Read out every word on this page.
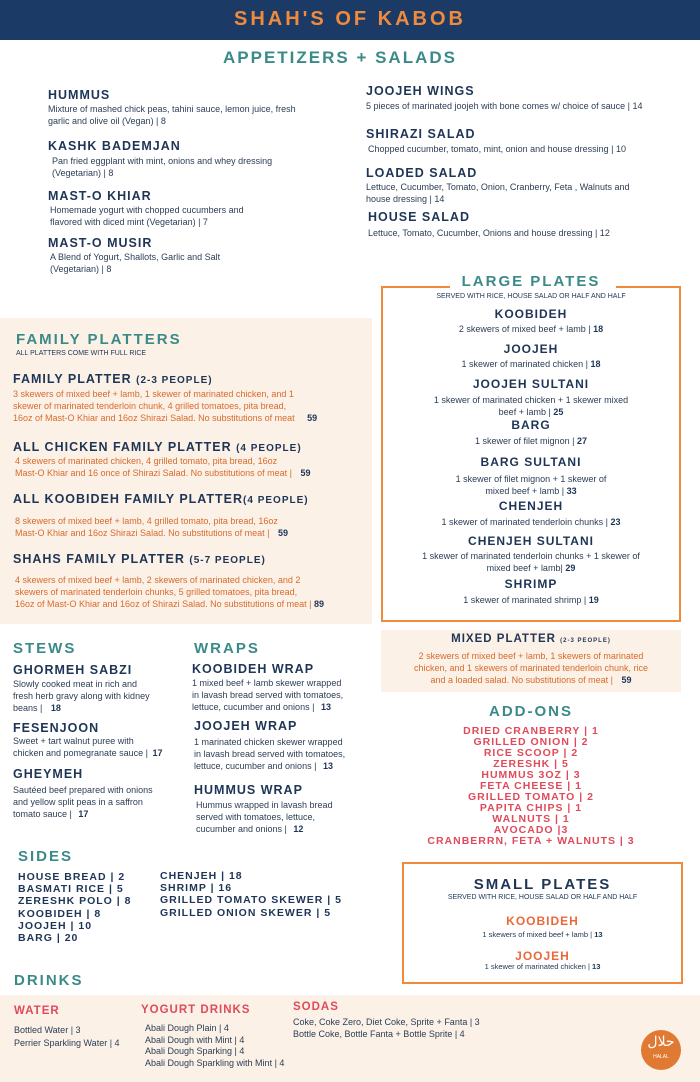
SHAH'S OF KABOB
APPETIZERS + SALADS
HUMMUS
Mixture of mashed chick peas, tahini sauce, lemon juice, fresh
garlic and olive oil (Vegan) | 8
KASHK BADEMJAN
Pan fried eggplant with mint, onions and whey dressing
(Vegetarian) | 8
MAST-O KHIAR
Homemade yogurt with chopped cucumbers and
flavored with diced mint (Vegetarian) | 7
MAST-O MUSIR
A Blend of Yogurt, Shallots, Garlic and Salt
(Vegetarian) | 8
JOOJEH WINGS
5 pieces of marinated joojeh with bone comes w/ choice of sauce | 14
SHIRAZI SALAD
Chopped cucumber, tomato, mint, onion and house dressing | 10
LOADED SALAD
Lettuce, Cucumber, Tomato, Onion, Cranberry, Feta , Walnuts and
house dressing | 14
HOUSE SALAD
Lettuce, Tomato, Cucumber, Onions and house dressing | 12
FAMILY PLATTERS
ALL PLATTERS COME WITH FULL RICE
FAMILY PLATTER (2-3 PEOPLE)
3 skewers of mixed beef + lamb, 1 skewer of marinated chicken, and 1
skewer of marinated tenderloin chunk, 4 grilled tomatoes, pita bread,
16oz of Mast-O Khiar and 16oz Shirazi Salad. No substitutions of meat 59
ALL CHICKEN FAMILY PLATTER (4 PEOPLE)
4 skewers of marinated chicken, 4 grilled tomato, pita bread, 16oz
Mast-O Khiar and 16 once of Shirazi Salad. No substitutions of meat | 59
ALL KOOBIDEH FAMILY PLATTER(4 PEOPLE)
8 skewers of mixed beef + lamb, 4 grilled tomato, pita bread, 16oz
Mast-O Khiar and 16oz Shirazi Salad. No substitutions of meat | 59
SHAHS FAMILY PLATTER (5-7 PEOPLE)
4 skewers of mixed beef + lamb, 2 skewers of marinated chicken, and 2
skewers of marinated tenderloin chunks, 5 grilled tomatoes, pita bread,
16oz of Mast-O Khiar and 16oz of Shirazi Salad. No substitutions of meat | 89
LARGE PLATES
SERVED WITH RICE, HOUSE SALAD OR HALF AND HALF
KOOBIDEH
2 skewers of mixed beef + lamb | 18
JOOJEH
1 skewer of marinated chicken | 18
JOOJEH SULTANI
1 skewer of marinated chicken + 1 skewer mixed
beef + lamb | 25
BARG
1 skewer of filet mignon | 27
BARG SULTANI
1 skewer of filet mignon + 1 skewer of
mixed beef + lamb | 33
CHENJEH
1 skewer of marinated tenderloin chunks | 23
CHENJEH SULTANI
1 skewer of marinated tenderloin chunks + 1 skewer of
mixed beef + lamb| 29
SHRIMP
1 skewer of marinated shrimp | 19
MIXED PLATTER (2-3 PEOPLE)
2 skewers of mixed beef + lamb, 1 skewers of marinated
chicken, and 1 skewers of marinated tenderloin chunk, rice
and a loaded salad. No substitutions of meat | 59
STEWS
GHORMEH SABZI
Slowly cooked meat in rich and
fresh herb gravy along with kidney
beans | 18
FESENJOON
Sweet + tart walnut puree with
chicken and pomegranate sauce | 17
GHEYMEH
Sautéed beef prepared with onions
and yellow split peas in a saffron
tomato sauce | 17
WRAPS
KOOBIDEH WRAP
1 mixed beef + lamb skewer wrapped
in lavash bread served with tomatoes,
lettuce, cucumber and onions | 13
JOOJEH WRAP
1 marinated chicken skewer wrapped
in lavash bread served with tomatoes,
lettuce, cucumber and onions | 13
HUMMUS WRAP
Hummus wrapped in lavash bread
served with tomatoes, lettuce,
cucumber and onions | 12
ADD-ONS
DRIED CRANBERRY | 1
GRILLED ONION | 2
RICE SCOOP | 2
ZERESHK | 5
HUMMUS 3OZ | 3
FETA CHEESE | 1
GRILLED TOMATO | 2
PAPITA CHIPS | 1
WALNUTS | 1
AVOCADO |3
CRANBERRN, FETA + WALNUTS | 3
SIDES
HOUSE BREAD | 2
BASMATI RICE | 5
ZERESHK POLO | 8
KOOBIDEH | 8
JOOJEH | 10
BARG | 20
CHENJEH | 18
SHRIMP | 16
GRILLED TOMATO SKEWER | 5
GRILLED ONION SKEWER | 5
SMALL PLATES
SERVED WITH RICE, HOUSE SALAD OR HALF AND HALF
KOOBIDEH
1 skewers of mixed beef + lamb | 13
JOOJEH
1 skewer of marinated chicken | 13
DRINKS
WATER
Bottled Water | 3
Perrier Sparkling Water | 4
YOGURT DRINKS
Abali Dough Plain | 4
Abali Dough with Mint | 4
Abali Dough Sparking | 4
Abali Dough Sparkling with Mint | 4
SODAS
Coke, Coke Zero, Diet Coke, Sprite + Fanta | 3
Bottle Coke, Bottle Fanta + Bottle Sprite | 4	حلال
HALAL
